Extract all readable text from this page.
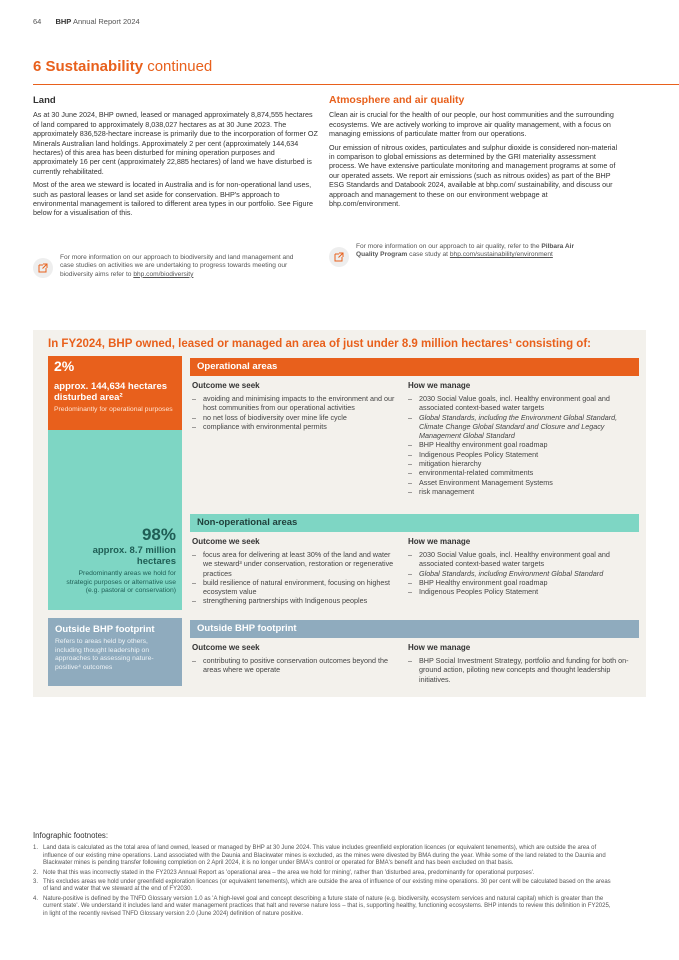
64 BHP Annual Report 2024
6 Sustainability continued
Land

As at 30 June 2024, BHP owned, leased or managed approximately 8,874,555 hectares of land compared to approximately 8,038,027 hectares as at 30 June 2023. The approximately 836,528-hectare increase is primarily due to the incorporation of former OZ Minerals Australian land holdings. Approximately 2 per cent (approximately 144,634 hectares) of this area has been disturbed for mining operation purposes and approximately 16 per cent (approximately 22,885 hectares) of land we have disturbed is currently rehabilitated.

Most of the area we steward is located in Australia and is for non-operational land uses, such as pastoral leases or land set aside for conservation. BHP's approach to environmental management is tailored to different area types in our portfolio. See Figure below for a visualisation of this.

For more information on our approach to biodiversity and land management and case studies on activities we are undertaking to progress towards meeting our biodiversity aims refer to bhp.com/biodiversity
Atmosphere and air quality

Clean air is crucial for the health of our people, our host communities and the surrounding ecosystems. We are actively working to improve air quality management, with a focus on managing emissions of particulate matter from our operations.

Our emission of nitrous oxides, particulates and sulphur dioxide is considered non-material in comparison to global emissions as determined by the GRI materiality assessment process. We have extensive particulate monitoring and management programs at some of our operated assets. We report air emissions (such as nitrous oxides) as part of the BHP ESG Standards and Databook 2024, available at bhp.com/ sustainability, and discuss our approach and management to these on our environment webpage at bhp.com/environment.

For more information on our approach to air quality, refer to the Pilbara Air Quality Program case study at bhp.com/sustainability/environment
In FY2024, BHP owned, leased or managed an area of just under 8.9 million hectares¹ consisting of:
2%
approx. 144,634 hectares disturbed area²
Predominantly for operational purposes
98%
approx. 8.7 million hectares
Predominantly areas we hold for strategic purposes or alternative use (e.g. pastoral or conservation)
Outside BHP footprint
Refers to areas held by others, including thought leadership on approaches to assessing nature-positive⁴ outcomes
Operational areas
Outcome we seek	How we manage
– avoiding and minimising impacts to the environment and our host communities from our operational activities
– no net loss of biodiversity over mine life cycle
– compliance with environmental permits
– 2030 Social Value goals, incl. Healthy environment goal and associated context-based water targets
– Global Standards, including the Environment Global Standard, Climate Change Global Standard and Closure and Legacy Management Global Standard
– BHP Healthy environment goal roadmap
– Indigenous Peoples Policy Statement
– mitigation hierarchy
– environmental-related commitments
– Asset Environment Management Systems
– risk management
Non-operational areas
Outcome we seek	How we manage
– focus area for delivering at least 30% of the land and water we steward³ under conservation, restoration or regenerative practices
– build resilience of natural environment, focusing on highest ecosystem value
– strengthening partnerships with Indigenous peoples
– 2030 Social Value goals, incl. Healthy environment goal and associated context-based water targets
– Global Standards, including Environment Global Standard
– BHP Healthy environment goal roadmap
– Indigenous Peoples Policy Statement
Outside BHP footprint
Outcome we seek	How we manage
– contributing to positive conservation outcomes beyond the areas where we operate
– BHP Social Investment Strategy, portfolio and funding for both on-ground action, piloting new concepts and thought leadership initiatives.
Infographic footnotes:
1. Land data is calculated as the total area of land owned, leased or managed by BHP at 30 June 2024. This value includes greenfield exploration licences (or equivalent tenements), which are outside the area of influence of our existing mine operations. Land associated with the Daunia and Blackwater mines is excluded, as the mines were divested by BMA during the year. While some of the land related to the Daunia and Blackwater mines is pending transfer following completion on 2 April 2024, it is no longer under BMA's control or operated for BMA's benefit and has been excluded on that basis.
2. Note that this was incorrectly stated in the FY2023 Annual Report as 'operational area – the area we hold for mining', rather than 'disturbed area, predominantly for operational purposes'.
3. This excludes areas we hold under greenfield exploration licences (or equivalent tenements), which are outside the area of influence of our existing mine operations. 30 per cent will be calculated based on the areas of land and water that we steward at the end of FY2030.
4. Nature-positive is defined by the TNFD Glossary version 1.0 as 'A high-level goal and concept describing a future state of nature (e.g. biodiversity, ecosystem services and natural capital) which is greater than the current state'. We understand it includes land and water management practices that halt and reverse nature loss – that is, supporting healthy, functioning ecosystems. BHP intends to review this definition in FY2025, in light of the recently revised TNFD Glossary version 2.0 (June 2024) definition of nature positive.
